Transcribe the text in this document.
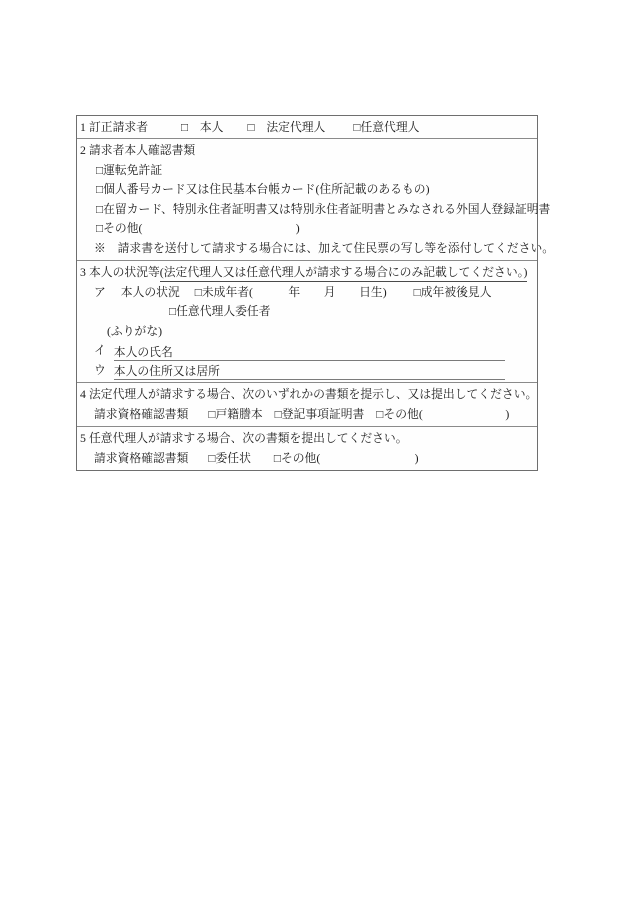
1 訂正請求者	□　本人 □　法定代理人 □任意代理人
2 請求者本人確認書類
□運転免許証
□個人番号カード又は住民基本台帳カード(住所記載のあるもの)
□在留カード、特別永住者証明書又は特別永住者証明書とみなされる外国人登録証明書
□その他(　　　　　　　　　　　　　)
※　請求書を送付して請求する場合には、加えて住民票の写し等を添付してください。
3 本人の状況等(法定代理人又は任意代理人が請求する場合にのみ記載してください。)
ア 本人の状況 □未成年者(　　　年　　月　　日生) □成年被後見人
□任意代理人委任者
(ふりがな)
イ 本人の氏名
ウ 本人の住所又は居所
4 法定代理人が請求する場合、次のいずれかの書類を提示し、又は提出してください。
請求資格確認書類 □戸籍謄本 □登記事項証明書 □その他(　　　　　　　)
5 任意代理人が請求する場合、次の書類を提出してください。
請求資格確認書類 □委任状 □その他(　　　　　　　　)
